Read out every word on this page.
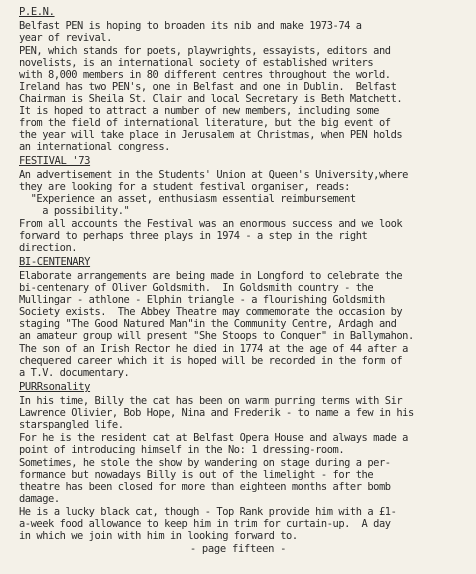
P.E.N.
Belfast PEN is hoping to broaden its nib and make 1973-74 a
year of revival.
PEN, which stands for poets, playwrights, essayists, editors and
novelists, is an international society of established writers
with 8,000 members in 80 different centres throughout the world.
Ireland has two PEN's, one in Belfast and one in Dublin.  Belfast
Chairman is Sheila St. Clair and local Secretary is Beth Matchett.
It is hoped to attract a number of new members, including some
from the field of international literature, but the big event of
the year will take place in Jerusalem at Christmas, when PEN holds
an international congress.
FESTIVAL '73
An advertisement in the Students' Union at Queen's University,where
they are looking for a student festival organiser, reads:
"Experience an asset, enthusiasm essential reimbursement
a possibility."
From all accounts the Festival was an enormous success and we look
forward to perhaps three plays in 1974 - a step in the right
direction.
BI-CENTENARY
Elaborate arrangements are being made in Longford to celebrate the
bi-centenary of Oliver Goldsmith.  In Goldsmith country - the
Mullingar - athlone - Elphin triangle - a flourishing Goldsmith
Society exists.  The Abbey Theatre may commemorate the occasion by
staging "The Good Natured Man"in the Community Centre, Ardagh and
an amateur group will present "She Stoops to Conquer" in Ballymahon.
The son of an Irish Rector he died in 1774 at the age of 44 after a
chequered career which it is hoped will be recorded in the form of
a T.V. documentary.
PURRsonality
In his time, Billy the cat has been on warm purring terms with Sir
Lawrence Olivier, Bob Hope, Nina and Frederik - to name a few in his
starspangled life.
For he is the resident cat at Belfast Opera House and always made a
point of introducing himself in the No: 1 dressing-room.
Sometimes, he stole the show by wandering on stage during a per-
formance but nowadays Billy is out of the limelight - for the
theatre has been closed for more than eighteen months after bomb
damage.
He is a lucky black cat, though - Top Rank provide him with a £1-
a-week food allowance to keep him in trim for curtain-up.  A day
in which we join with him in looking forward to.
- page fifteen -
